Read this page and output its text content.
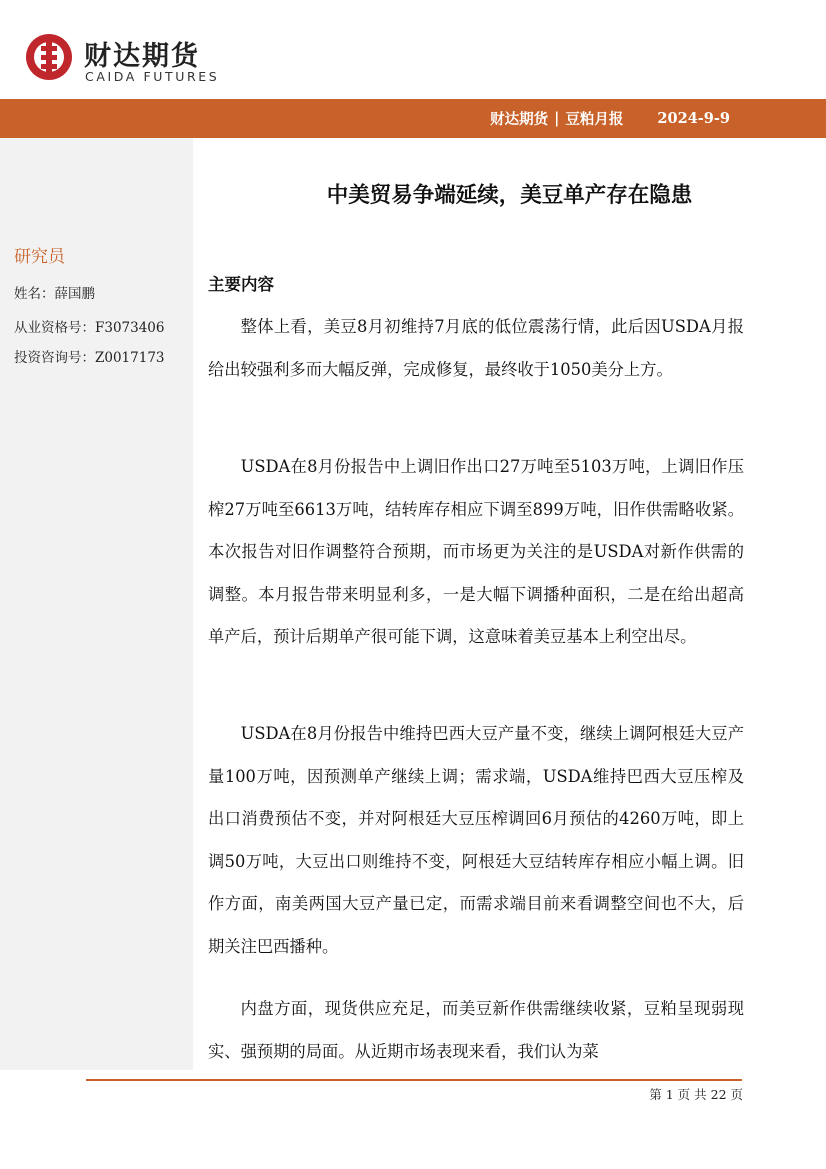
财达期货
CAIDA FUTURES
财达期货 | 豆粕月报 2024-9-9
研究员
姓名：薛国鹏
从业资格号：F3073406
投资咨询号：Z0017173
中美贸易争端延续，美豆单产存在隐患
主要内容
整体上看，美豆8月初维持7月底的低位震荡行情，此后因USDA月报给出较强利多而大幅反弹，完成修复，最终收于1050美分上方。
USDA在8月份报告中上调旧作出口27万吨至5103万吨，上调旧作压榨27万吨至6613万吨，结转库存相应下调至899万吨，旧作供需略收紧。本次报告对旧作调整符合预期，而市场更为关注的是USDA对新作供需的调整。本月报告带来明显利多，一是大幅下调播种面积，二是在给出超高单产后，预计后期单产很可能下调，这意味着美豆基本上利空出尽。
USDA在8月份报告中维持巴西大豆产量不变，继续上调阿根廷大豆产量100万吨，因预测单产继续上调；需求端，USDA维持巴西大豆压榨及出口消费预估不变，并对阿根廷大豆压榨调回6月预估的4260万吨，即上调50万吨，大豆出口则维持不变，阿根廷大豆结转库存相应小幅上调。旧作方面，南美两国大豆产量已定，而需求端目前来看调整空间也不大，后期关注巴西播种。
内盘方面，现货供应充足，而美豆新作供需继续收紧，豆粕呈现弱现实、强预期的局面。从近期市场表现来看，我们认为菜
第 1 页 共 22 页
